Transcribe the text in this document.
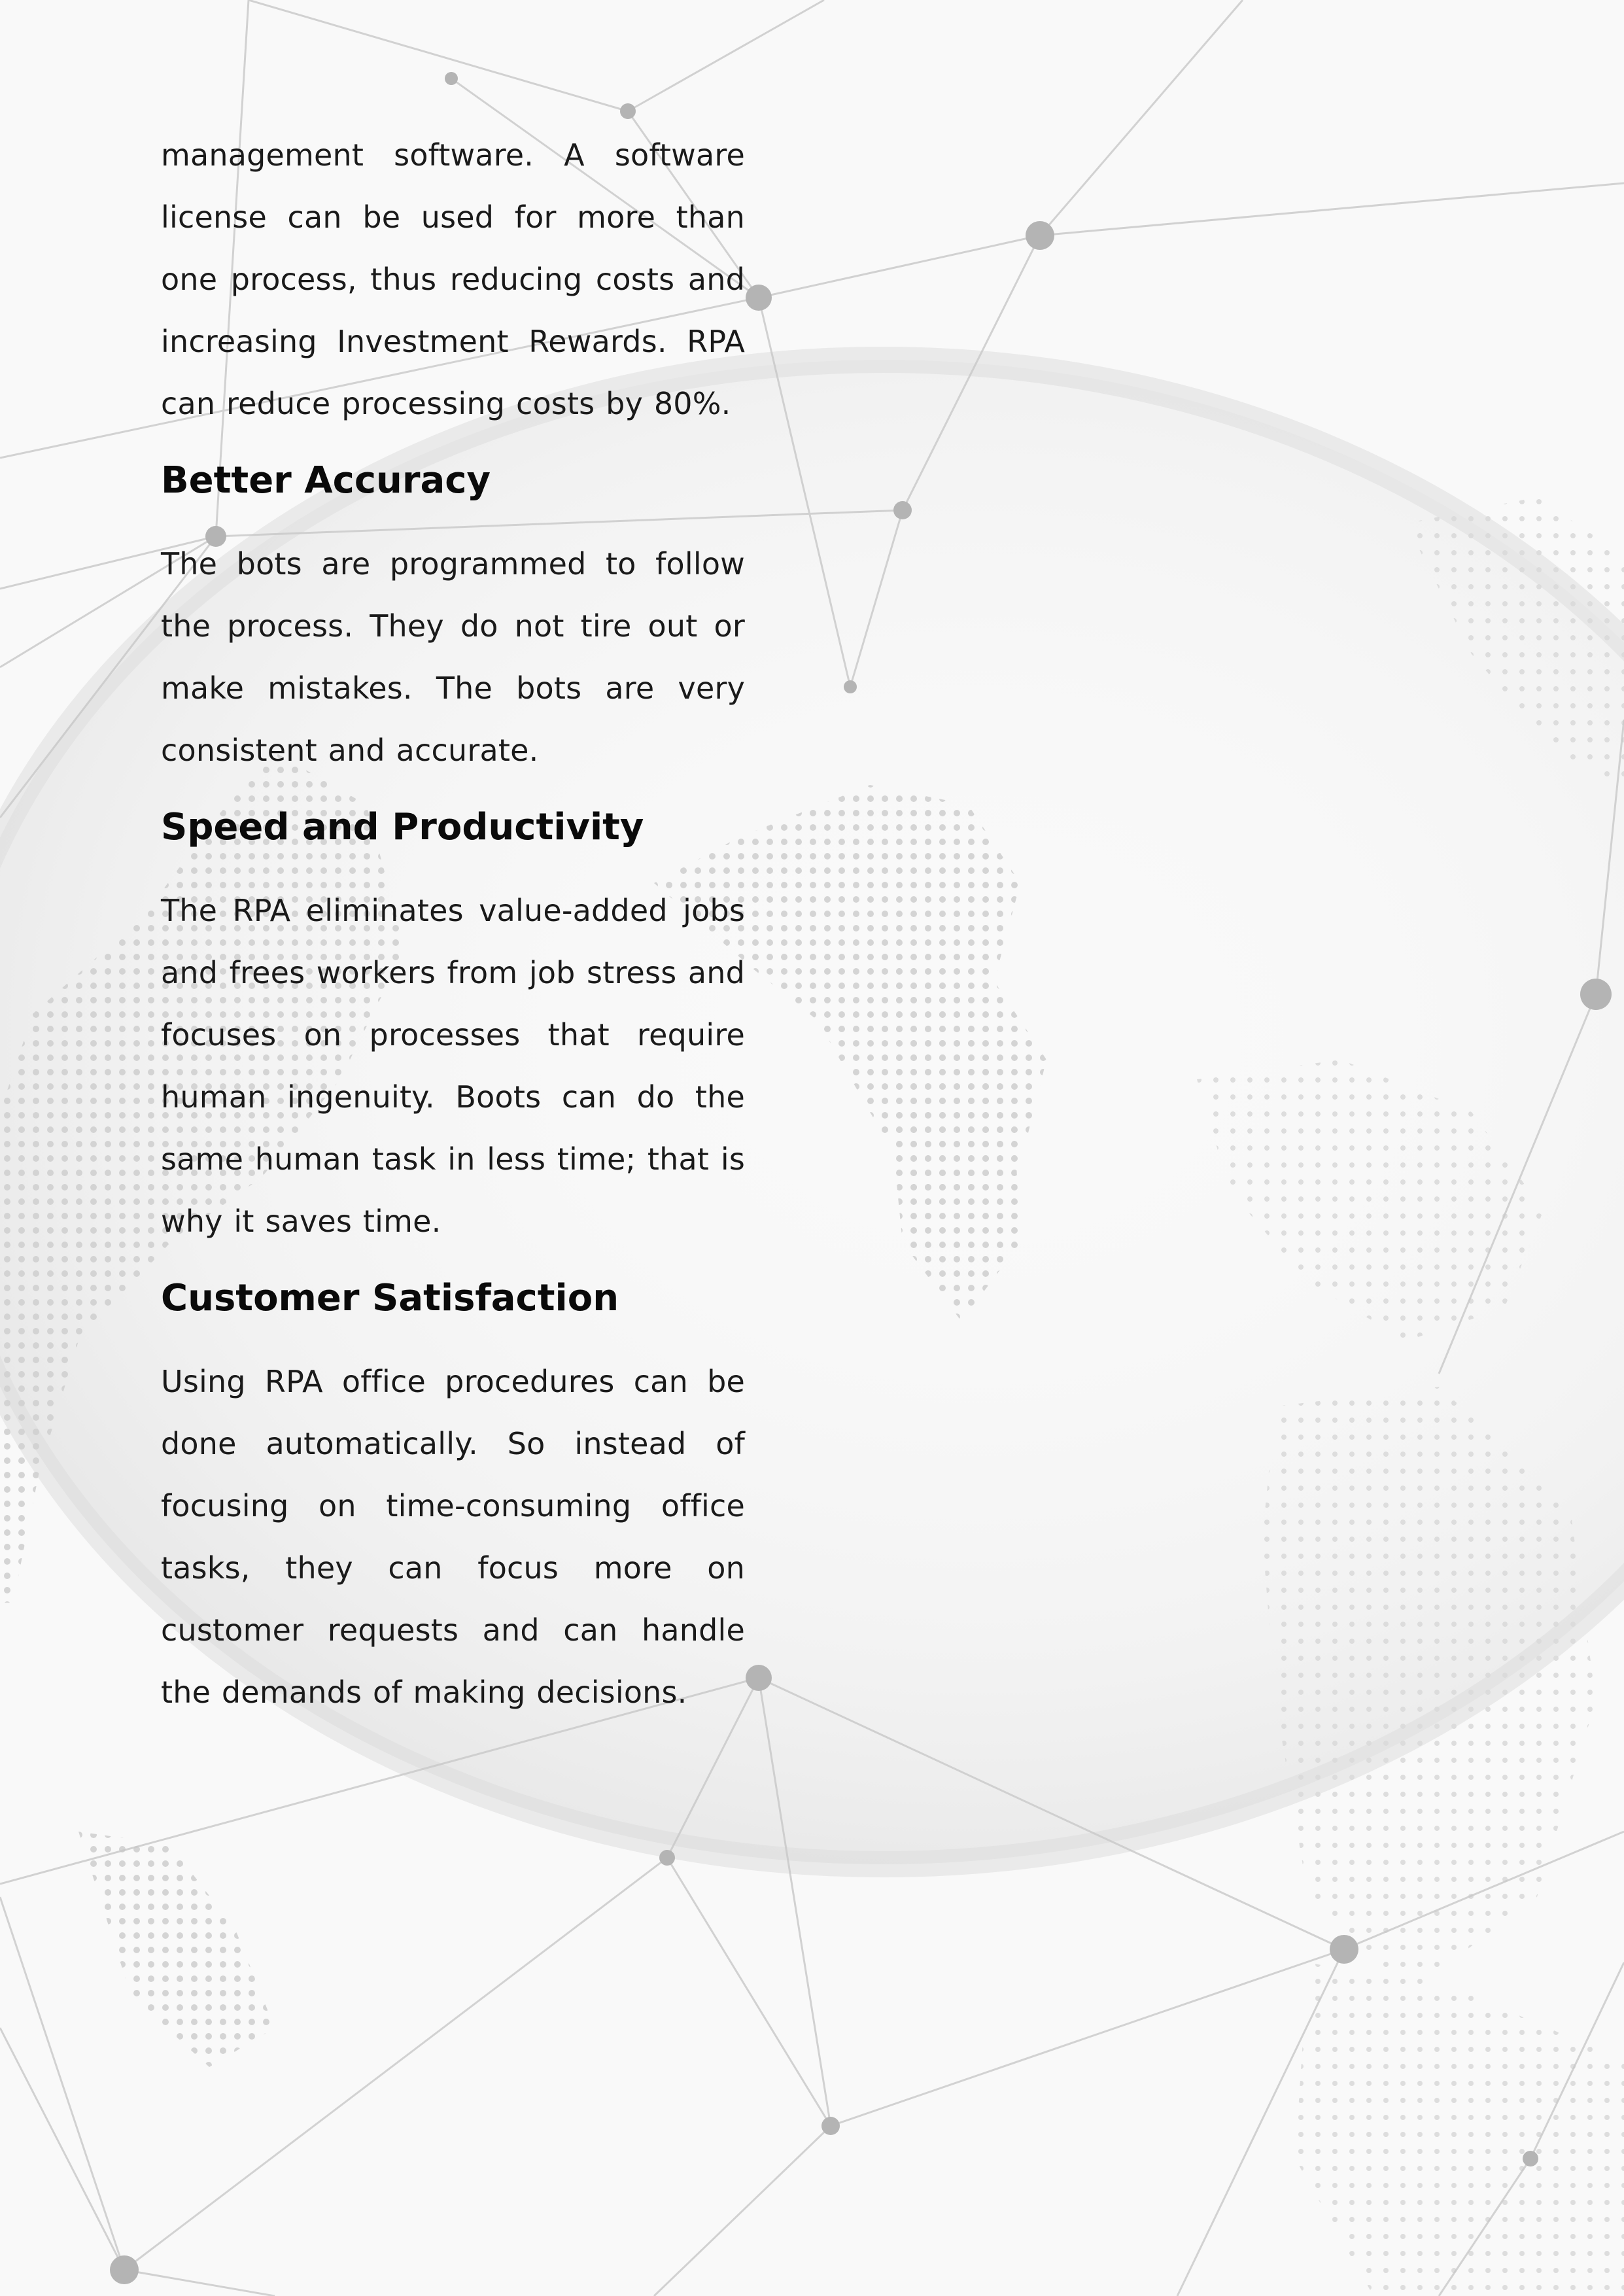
management software. A software license can be used for more than one process, thus reducing costs and increasing Investment Rewards. RPA can reduce processing costs by 80%.

Better Accuracy

The bots are programmed to follow the process. They do not tire out or make mistakes. The bots are very consistent and accurate.

Speed and Productivity

The RPA eliminates value-added jobs and frees workers from job stress and focuses on processes that require human ingenuity. Boots can do the same human task in less time; that is why it saves time.

Customer Satisfaction

Using RPA office procedures can be done automatically. So instead of focusing on time-consuming office tasks, they can focus more on customer requests and can handle the demands of making decisions.
